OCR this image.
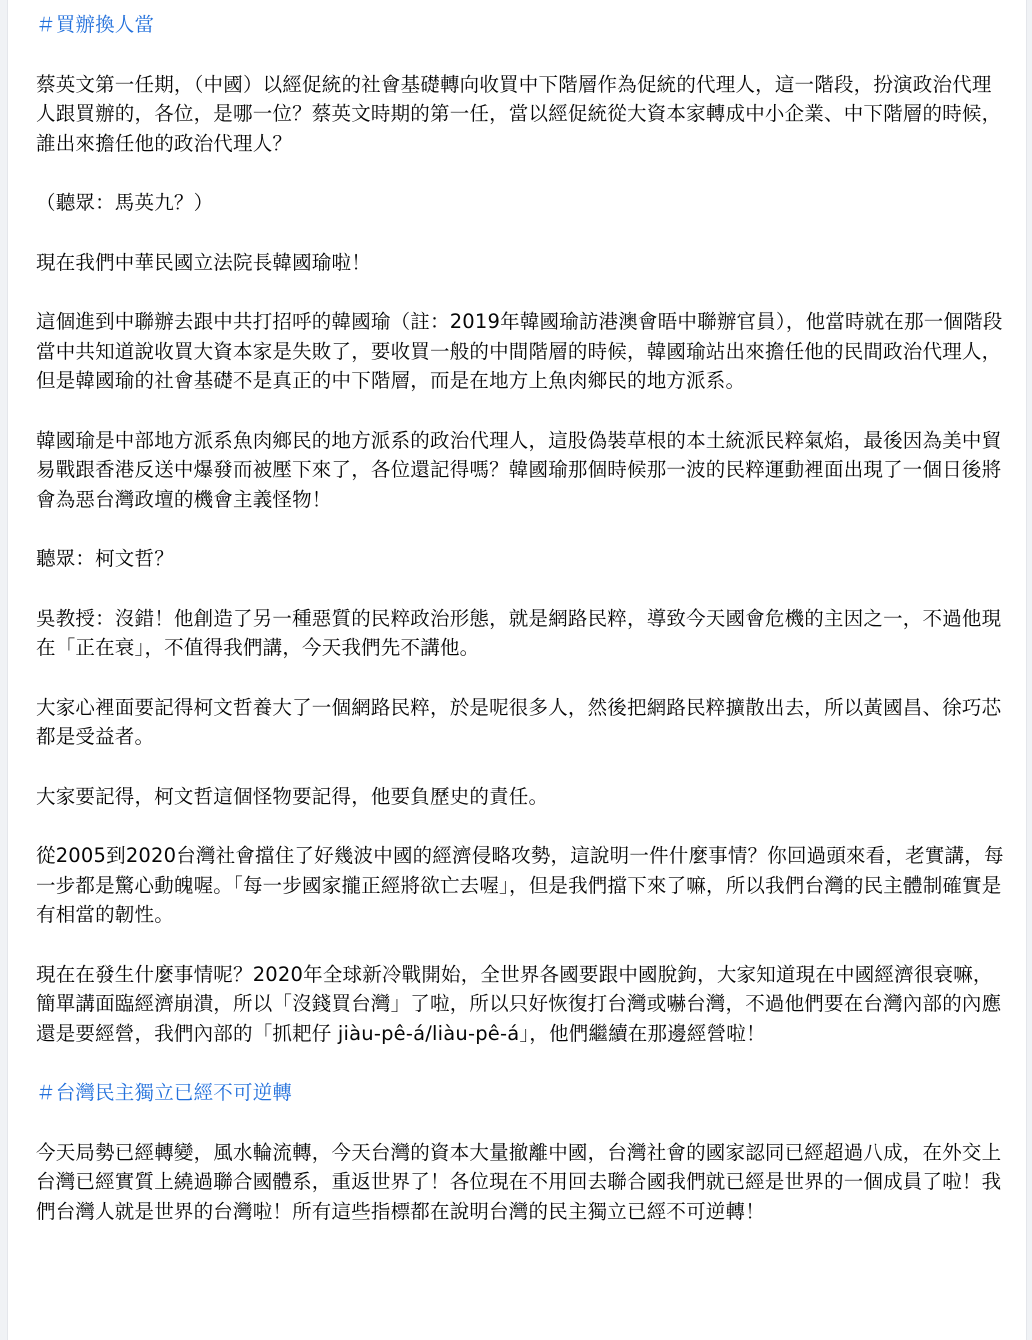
＃買辦換人當
蔡英文第一任期，（中國）以經促統的社會基礎轉向收買中下階層作為促統的代理人，這一階段，扮演政治代理人跟買辦的，各位，是哪一位？蔡英文時期的第一任，當以經促統從大資本家轉成中小企業、中下階層的時候，誰出來擔任他的政治代理人？
（聽眾：馬英九？）
現在我們中華民國立法院長韓國瑜啦！
這個進到中聯辦去跟中共打招呼的韓國瑜（註：2019年韓國瑜訪港澳會晤中聯辦官員），他當時就在那一個階段當中共知道說收買大資本家是失敗了，要收買一般的中間階層的時候，韓國瑜站出來擔任他的民間政治代理人，但是韓國瑜的社會基礎不是真正的中下階層，而是在地方上魚肉鄉民的地方派系。
韓國瑜是中部地方派系魚肉鄉民的地方派系的政治代理人，這股偽裝草根的本土統派民粹氣焰，最後因為美中貿易戰跟香港反送中爆發而被壓下來了，各位還記得嗎？韓國瑜那個時候那一波的民粹運動裡面出現了一個日後將會為惡台灣政壇的機會主義怪物！
聽眾：柯文哲？
吳教授：沒錯！他創造了另一種惡質的民粹政治形態，就是網路民粹，導致今天國會危機的主因之一，不過他現在「正在衰」，不值得我們講，今天我們先不講他。
大家心裡面要記得柯文哲養大了一個網路民粹，於是呢很多人，然後把網路民粹擴散出去，所以黃國昌、徐巧芯都是受益者。
大家要記得，柯文哲這個怪物要記得，他要負歷史的責任。
從2005到2020台灣社會擋住了好幾波中國的經濟侵略攻勢，這說明一件什麼事情？你回過頭來看，老實講，每一步都是驚心動魄喔。「每一步國家攏正經將欲亡去喔」，但是我們擋下來了嘛，所以我們台灣的民主體制確實是有相當的韌性。
現在在發生什麼事情呢？2020年全球新冷戰開始，全世界各國要跟中國脫鉤，大家知道現在中國經濟很衰嘛，簡單講面臨經濟崩潰，所以「沒錢買台灣」了啦，所以只好恢復打台灣或嚇台灣，不過他們要在台灣內部的內應還是要經營，我們內部的「抓耙仔 jiàu-pê-á/liàu-pê-á」，他們繼續在那邊經營啦！
＃台灣民主獨立已經不可逆轉
今天局勢已經轉變，風水輪流轉，今天台灣的資本大量撤離中國，台灣社會的國家認同已經超過八成，在外交上台灣已經實質上繞過聯合國體系，重返世界了！各位現在不用回去聯合國我們就已經是世界的一個成員了啦！我們台灣人就是世界的台灣啦！所有這些指標都在說明台灣的民主獨立已經不可逆轉！
